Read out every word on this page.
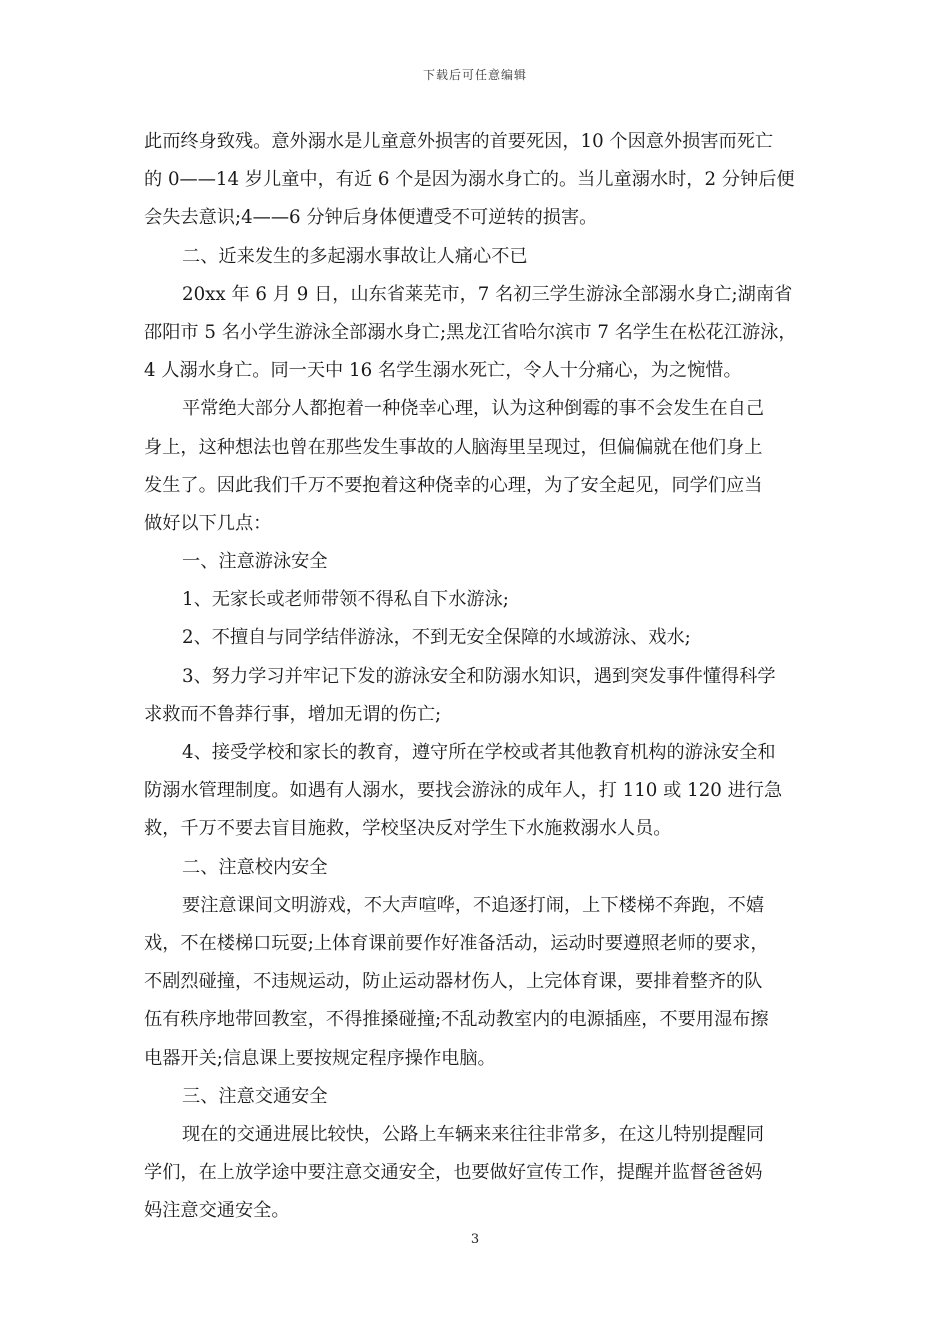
下载后可任意编辑
此而终身致残。意外溺水是儿童意外损害的首要死因，10 个因意外损害而死亡
的 0——14 岁儿童中，有近 6 个是因为溺水身亡的。当儿童溺水时，2 分钟后便
会失去意识;4——6 分钟后身体便遭受不可逆转的损害。
二、近来发生的多起溺水事故让人痛心不已
20xx 年 6 月 9 日，山东省莱芜市，7 名初三学生游泳全部溺水身亡;湖南省
邵阳市 5 名小学生游泳全部溺水身亡;黑龙江省哈尔滨市 7 名学生在松花江游泳，
4 人溺水身亡。同一天中 16 名学生溺水死亡，令人十分痛心，为之惋惜。
平常绝大部分人都抱着一种侥幸心理，认为这种倒霉的事不会发生在自己
身上，这种想法也曾在那些发生事故的人脑海里呈现过，但偏偏就在他们身上
发生了。因此我们千万不要抱着这种侥幸的心理，为了安全起见，同学们应当
做好以下几点：
一、注意游泳安全
1、无家长或老师带领不得私自下水游泳;
2、不擅自与同学结伴游泳，不到无安全保障的水域游泳、戏水;
3、努力学习并牢记下发的游泳安全和防溺水知识，遇到突发事件懂得科学
求救而不鲁莽行事，增加无谓的伤亡;
4、接受学校和家长的教育，遵守所在学校或者其他教育机构的游泳安全和
防溺水管理制度。如遇有人溺水，要找会游泳的成年人，打 110 或 120 进行急
救，千万不要去盲目施救，学校坚决反对学生下水施救溺水人员。
二、注意校内安全
要注意课间文明游戏，不大声喧哗，不追逐打闹，上下楼梯不奔跑，不嬉
戏，不在楼梯口玩耍;上体育课前要作好准备活动，运动时要遵照老师的要求，
不剧烈碰撞，不违规运动，防止运动器材伤人，上完体育课，要排着整齐的队
伍有秩序地带回教室，不得推搡碰撞;不乱动教室内的电源插座，不要用湿布擦
电器开关;信息课上要按规定程序操作电脑。
三、注意交通安全
现在的交通进展比较快，公路上车辆来来往往非常多，在这儿特别提醒同
学们，在上放学途中要注意交通安全，也要做好宣传工作，提醒并监督爸爸妈
妈注意交通安全。
3
